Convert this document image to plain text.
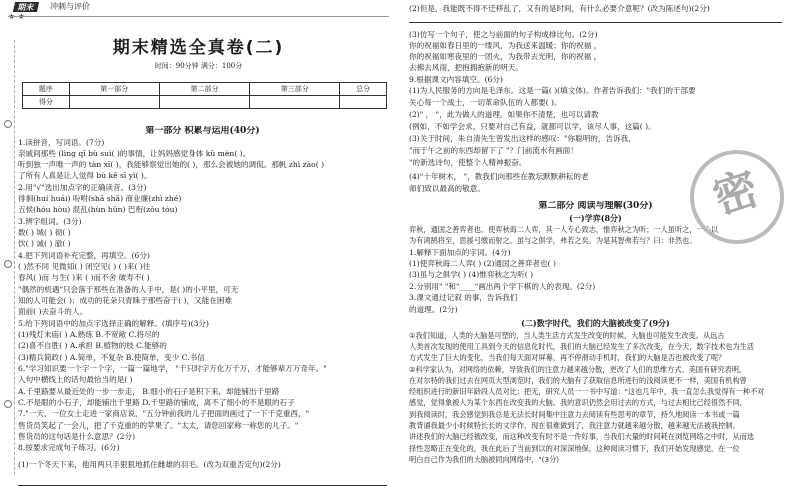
期末	冲刺与评价
★ ★
期末精选全真卷(二)
时间：90分钟 满分：100分
题序	第一部分	第二部分	第三部分	总分
得分				
第一部分 积累与运用(40分)
1.读拼音，写词语。(7分)
亲戚间那些 (lìng qǐ bù suì( )的事情，让妈妈感觉身体 kǔ mèn( )。
听到独一声唯一声的 tàn xī( )，我能够察觉出她的( )，那么会被她的调侃。那帆 zhì zào( )
了所有人真是让人觉得 bù kě sī yì( )。
2.用"√"选出加点字的正确读音。(3分)
徘徊(huí huái) 吩咐(shā shǎ) 商业廉(zhì zhé)
五侯(hóu hòu) 混乱(hùn hǔn) 巴衔(zǒu tóu)
3.辨字组词。(3分)
数( ) 城( ) 彻( )
饮( ) 诚( ) 澈( )
4.把下列词语补充完整，再填空。(6分)
( )然不同 见微知( ) 闭空见( ) ( )来( )往
春风( )而 与生( )来 ( )而不舍 破寿不( )
"偶然的机遇"只会落于那些在准备的人手中，是( )的小平里，可无
知的人可能会( )；成功的花朵只青睐于那些奋于( )，又能在困难
面前( )去奋斗的人。
5.给下列词语中的加点字选择正确的解释。(填序号)(3分)
(1)残灯末庙( ) A.熟练 B.不宽敞 C.将尽的
(2)喜不自胜( ) A.承担 B.植物的枝 C.能够的
(3)精兵简政( ) A.简单，不复杂 B.使简单，变少 C.书信
6."学习知识要一个字一个字，一篇一篇地学， "千只时字万化万千万，才能够辈万万奇年。"
入句中横线上的话句最恰当的是( )
A.千里路要从最近处的一步一步走， B.细小的石子是积下来，却能铺出千里路
C.不是眼的小石子，却能铺出千里路 D.千里路的铺成，离不了细小的不是眼的石子
7."一天，一位女士走进一家商店说，"五分钟前我的儿子把面的画过了一下千克重西，"
售货员笑起了一会儿，把了千克重的的苹果了。"太太，请您回家称一称您的儿子。"
售货员的这句话是什么意思？(2分)
8.按要求完成句子练习。(6分)
(1)一个冬天下来，他用两只手狠狠地抓住雌雄的羽毛。(改为双重否定句)(2分)
(2)但是，我能既不得不迁移乱了，又有的是时间，有什么必要介意呢？(改为陈述句)(2分)
(3)仿写一个句子，使之与前面的句子构成排比句。(2分)
你的祝福如春日里的一缕风，为我送来温暖；你的祝福 ，
你的祝福如寒夜里的一团火，为我带去光明，你的祝福 ，
去拂去风雨，把抱拥抱新的明天。
9.根据课文内容填空。(6分)
(1)为人民服务的方向是毛泽东。这是一篇( )(填文体)。作者告诉我们："我们的干部要
关心每一个战士，一切革命队伍的人都要( )。
(2)" ， "，此为做人的道理。如果你不清楚，也可以请教
(例如，不如学会求，只要对自己有益，就都可以学，该尽人事，这篇( )。
(3)关于时间，朱自清先生曾发出这样的感叹："你聪明的，告诉我，
"而于午之前的东西却留下了 "？门前流水有画面！
"的新选诗句，使整个人精神振奋。
(4)"十年树木， "，教我们向那些在教坛默默耕耘的老
师们致以最高的敬意。
第二部分 阅读与理解(30分)
(一)学弈(8分)
弈秋，通国之善弈者也。使弈秋诲二人弈，其一人专心致志，惟弈秋之为听；一人虽听之，一心以
为有鸿鹄将至，思援弓缴而射之。虽与之俱学，弗若之矣。为是其智弗若与？曰：非然也。
1.解释下面加点的字词。(4分)
(1)使弈秋诲二人弈( ) (2)通国之善弈者也( )
(3)虽与之俱学( ) (4)惟弈秋之为听( )
2.分别用" "和"____"画出两个学下棋的人的表现。(2分)
3.课文通过记叙 的事，告诉我们
的道理。(2分)
(二)数字时代，我们的大脑被改变了(9分)
①我们知道，人类的大脑是可塑的，当人类生活方式发生改变的时候，大脑也可能发生改变。从远古
人类首次发现的使用工具到今天的信息化时代，我们的大脑已经发生了多次改变，在今天，数字技术也为生活
方式发生了巨大的变化，当我们每天面对屏幕，再不停滑动手机时，我们的大脑是否也被改变了呢？
②科学家认为，对网络的依赖，导致我们的注意力越来越分散，更改了人们的思维方式。美国有研究表明，
在对尔特的我们过去在网页大型浏览时，我们的大脑有了获取信息所进行的浅阅读更不一样，美国有机构曾
经组织进行的新旧年龄段人员对比：把无，研究人员一一书中写道："这也几年中，我一直怎么我觉得有一种不对
感觉，觉得象被人为某个东西在改变我的大脑。我的意识仍然会用过去的方式，与过去相比已经很然不同，
到我阅读时，我会感觉到我总是无法长时间集中注意力去阅读有些思考的章节，持久地阅读一本书或一篇
教背诵我最少小时候特长长的文学作，现在很难做到了，我注意力就越来越分散，越来越无法被我控制。
讲述我们的大脑已经被改变，而这种改变有时不是一件好事，当我们大量的时间耗在浏览网络之中时，从而选
择性忽略正在变化的，我在此后了当前到以的对深深地保，这种阅读习惯下，我们开始发现感觉，在一位
明白自己作为我们的大脑被同向网络中，"(3分)
密
